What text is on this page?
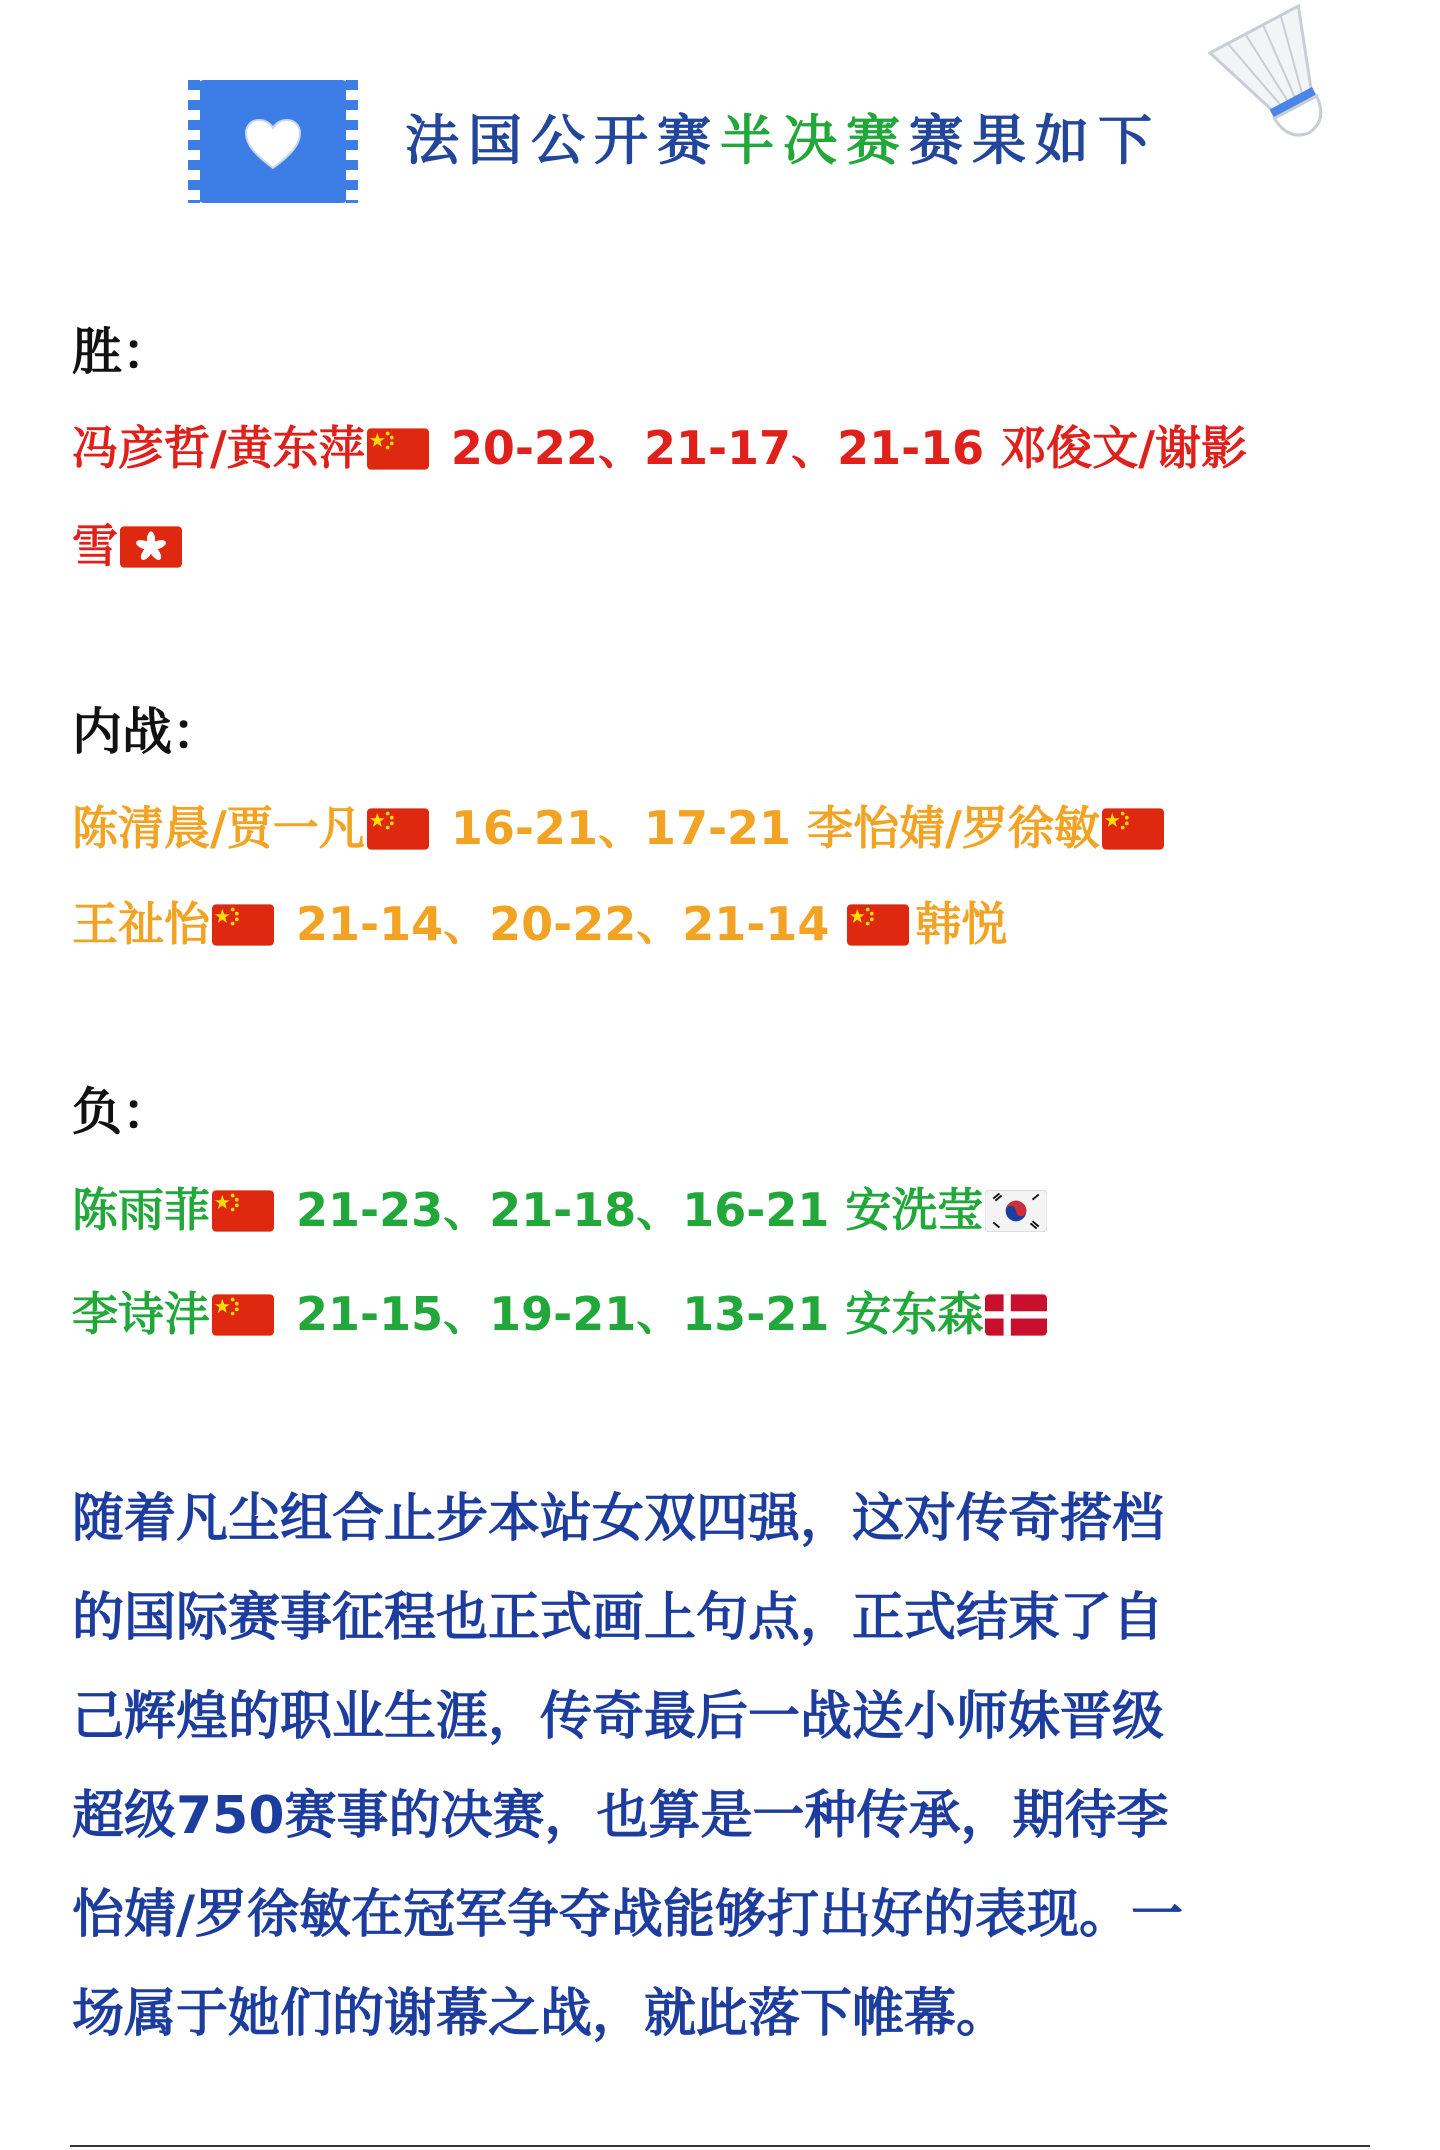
法国公开赛半决赛赛果如下
胜：
冯彦哲/黄东萍 20-22、21-17、21-16 邓俊文/谢影
雪
内战：
陈清晨/贾一凡 16-21、17-21 李怡婧/罗徐敏
王祉怡 21-14、20-22、21-14 韩悦
负：
陈雨菲 21-23、21-18、16-21 安洗莹
李诗沣 21-15、19-21、13-21 安东森
随着凡尘组合止步本站女双四强，这对传奇搭档
的国际赛事征程也正式画上句点，正式结束了自
己辉煌的职业生涯，传奇最后一战送小师妹晋级
超级750赛事的决赛，也算是一种传承，期待李
怡婧/罗徐敏在冠军争夺战能够打出好的表现。一
场属于她们的谢幕之战，就此落下帷幕。
